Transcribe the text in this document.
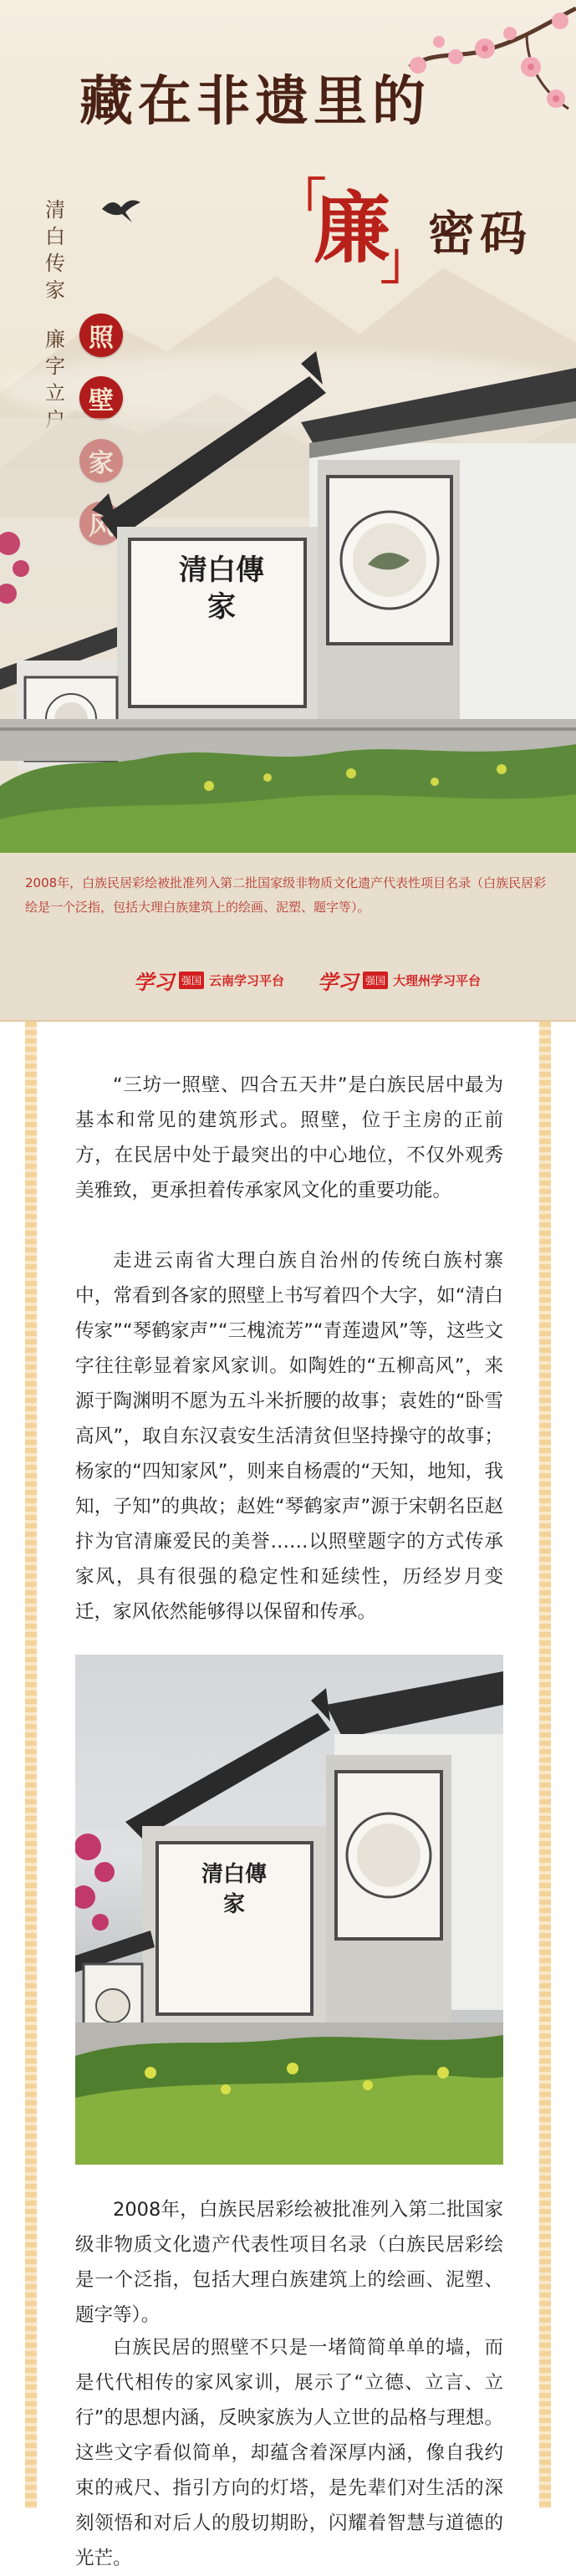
藏在非遗里的
「
廉
」
密码
清白传家
廉字立
照
壁
清白傳家

2008年，白族民居彩绘被批准列入第二批国家级非物质文化遗产代表性项目名录（白族民居彩绘是一个泛指，包括大理白族建筑上的绘画、泥塑、题字等）。

学习 强国 云南学习平台 学习 强国 大理州学习平台

“三坊一照壁、四合五天井”是白族民居中最为基本和常见的建筑形式。照壁，位于主房的正前方，在民居中处于最突出的中心地位，不仅外观秀美雅致，更承担着传承家风文化的重要功能。

走进云南省大理白族自治州的传统白族村寨中，常看到各家的照壁上书写着四个大字，如“清白传家”“琴鹤家声”“三槐流芳”“青莲遗风”等，这些文字往往彰显着家风家训。如陶姓的“五柳高风”，来源于陶渊明不愿为五斗米折腰的故事；袁姓的“卧雪高风”，取自东汉袁安生活清贫但坚持操守的故事；杨家的“四知家风”，则来自杨震的“天知，地知，我知，子知”的典故；赵姓“琴鹤家声”源于宋朝名臣赵抃为官清廉爱民的美誉……以照壁题字的方式传承家风，具有很强的稳定性和延续性，历经岁月变迁，家风依然能够得以保留和传承。

清白傳家

2008年，白族民居彩绘被批准列入第二批国家级非物质文化遗产代表性项目名录（白族民居彩绘是一个泛指，包括大理白族建筑上的绘画、泥塑、题字等）。

白族民居的照壁不只是一堵简简单单的墙，而是代代相传的家风家训，展示了“立德、立言、立行”的思想内涵，反映家族为人立世的品格与理想。这些文字看似简单，却蕴含着深厚内涵，像自我约束的戒尺、指引方向的灯塔，是先辈们对生活的深刻领悟和对后人的殷切期盼，闪耀着智慧与道德的光芒。
